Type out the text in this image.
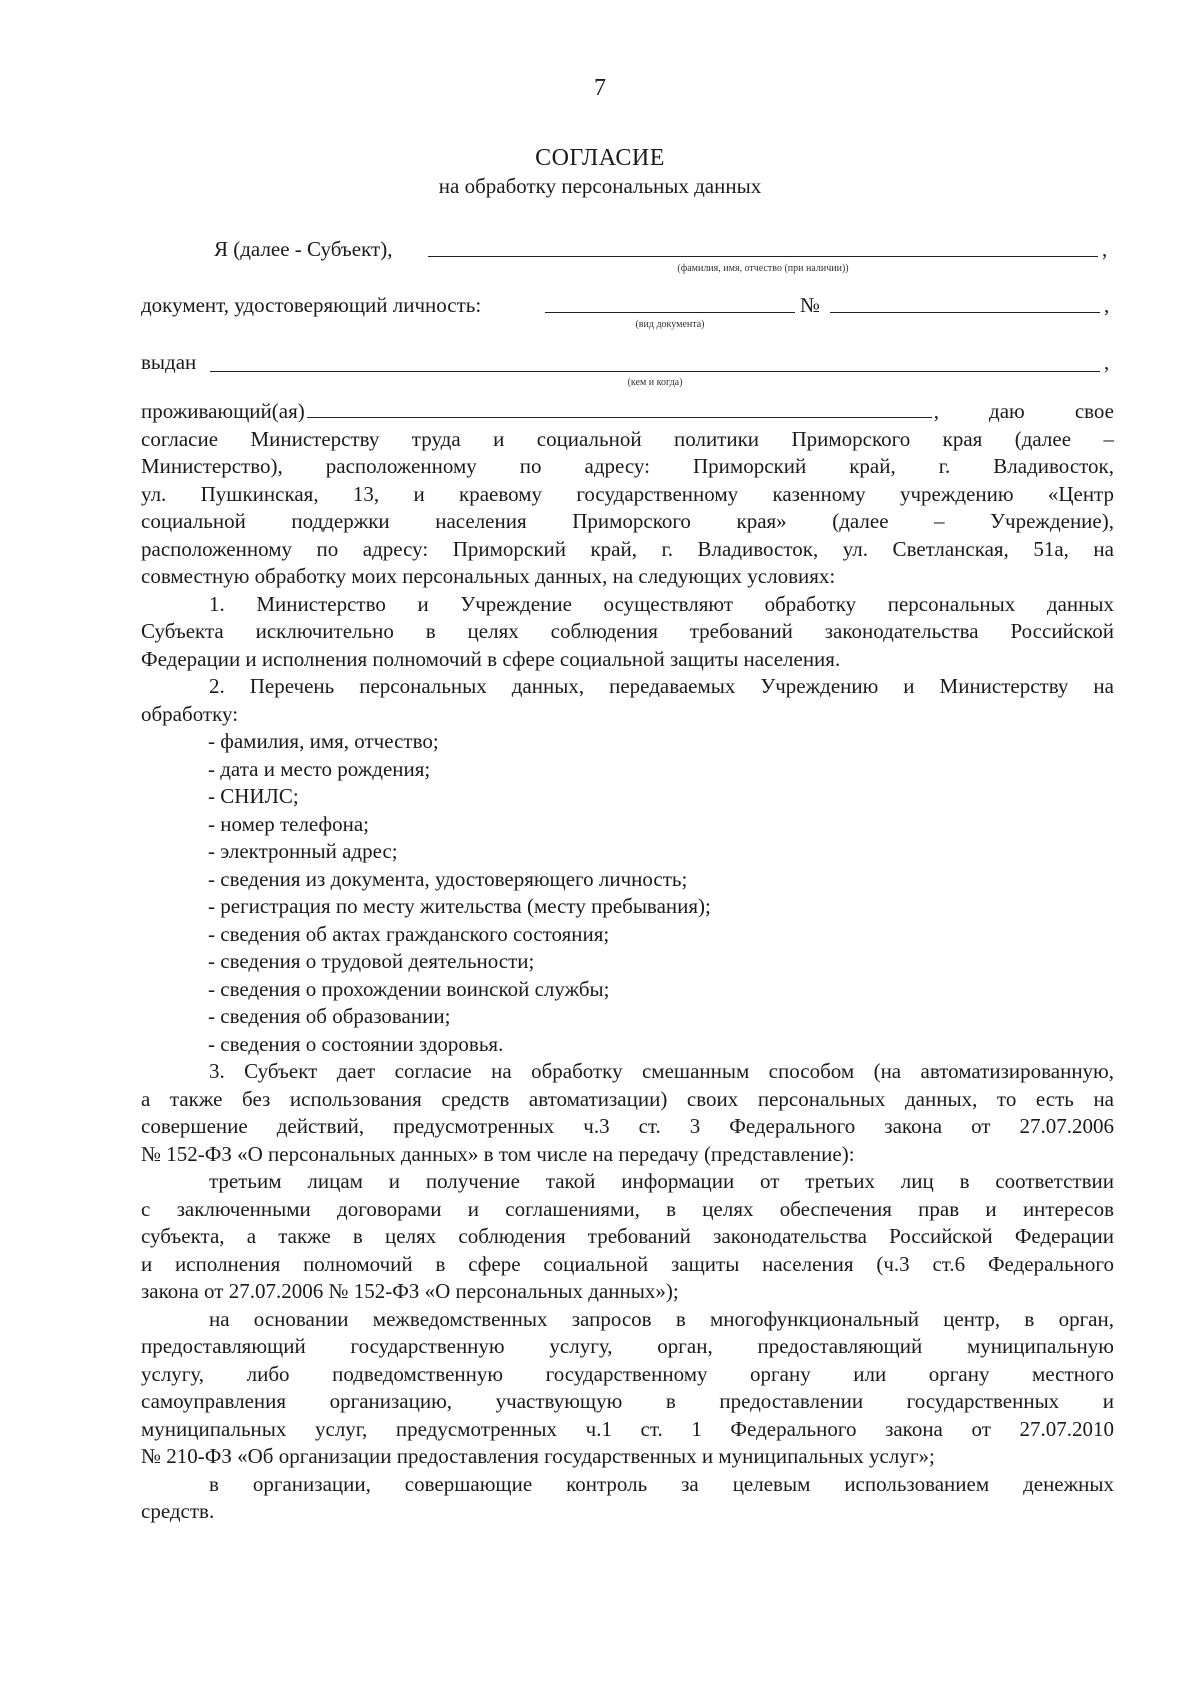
7
СОГЛАСИЕ
на обработку персональных данных
Я (далее - Субъект),	,
(фамилия, имя, отчество (при наличии))
документ, удостоверяющий личность:
(вид документа)
№	,
выдан	,
(кем и когда)
проживающий(ая)	, даю свое
согласие Министерству труда и социальной политики Приморского края (далее –
Министерство), расположенному по адресу: Приморский край, г. Владивосток,
ул. Пушкинская, 13, и краевому государственному казенному учреждению «Центр
социальной поддержки населения Приморского края» (далее – Учреждение),
расположенному по адресу: Приморский край, г. Владивосток, ул. Светланская, 51а, на
совместную обработку моих персональных данных, на следующих условиях:
1. Министерство и Учреждение осуществляют обработку персональных данных
Субъекта исключительно в целях соблюдения требований законодательства Российской
Федерации и исполнения полномочий в сфере социальной защиты населения.
2. Перечень персональных данных, передаваемых Учреждению и Министерству на
обработку:
- фамилия, имя, отчество;
- дата и место рождения;
- СНИЛС;
- номер телефона;
- электронный адрес;
- сведения из документа, удостоверяющего личность;
- регистрация по месту жительства (месту пребывания);
- сведения об актах гражданского состояния;
- сведения о трудовой деятельности;
- сведения о прохождении воинской службы;
- сведения об образовании;
- сведения о состоянии здоровья.
3. Субъект дает согласие на обработку смешанным способом (на автоматизированную,
а также без использования средств автоматизации) своих персональных данных, то есть на
совершение действий, предусмотренных ч.3 ст. 3 Федерального закона от 27.07.2006
№ 152-ФЗ «О персональных данных» в том числе на передачу (представление):
третьим лицам и получение такой информации от третьих лиц в соответствии
с заключенными договорами и соглашениями, в целях обеспечения прав и интересов
субъекта, а также в целях соблюдения требований законодательства Российской Федерации
и исполнения полномочий в сфере социальной защиты населения (ч.3 ст.6 Федерального
закона от 27.07.2006 № 152-ФЗ «О персональных данных»);
на основании межведомственных запросов в многофункциональный центр, в орган,
предоставляющий государственную услугу, орган, предоставляющий муниципальную
услугу, либо подведомственную государственному органу или органу местного
самоуправления организацию, участвующую в предоставлении государственных и
муниципальных услуг, предусмотренных ч.1 ст. 1 Федерального закона от 27.07.2010
№ 210-ФЗ «Об организации предоставления государственных и муниципальных услуг»;
в организации, совершающие контроль за целевым использованием денежных
средств.
